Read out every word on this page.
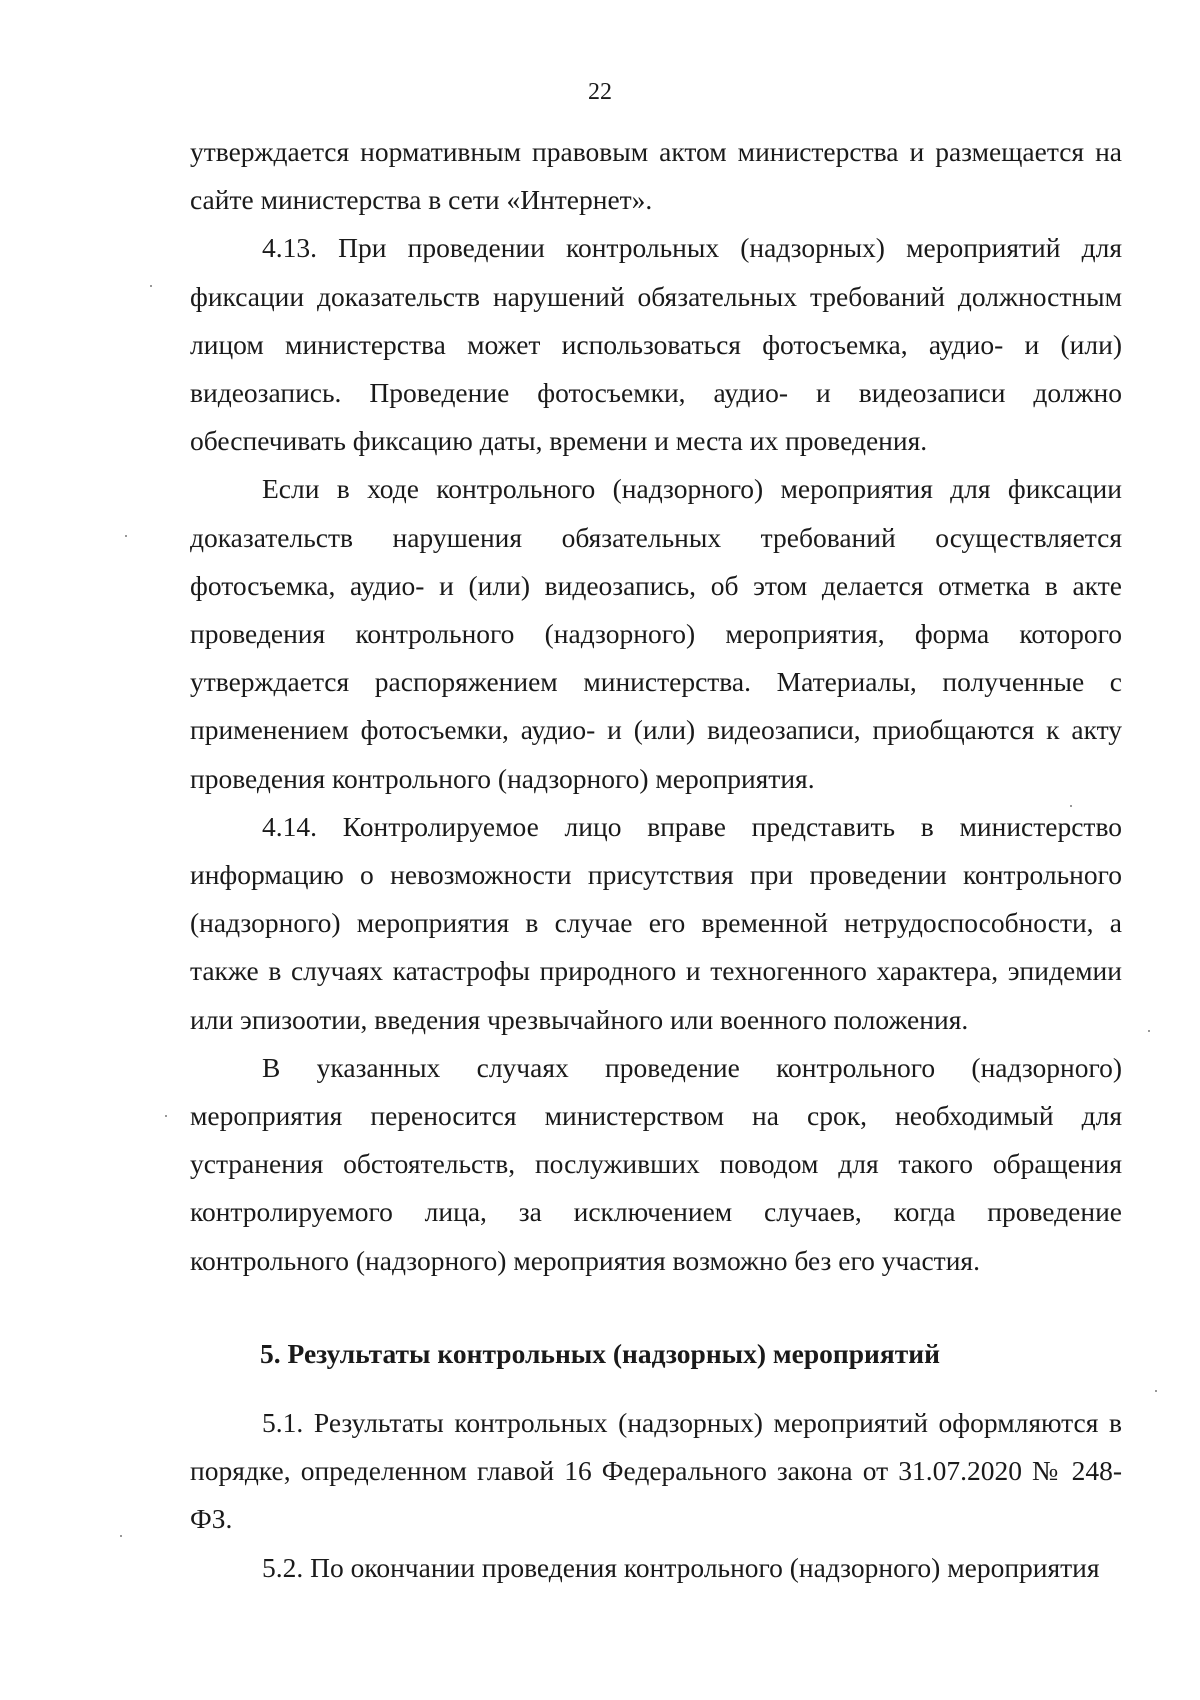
22

утверждается нормативным правовым актом министерства и размещается на сайте министерства в сети «Интернет».

4.13. При проведении контрольных (надзорных) мероприятий для фиксации доказательств нарушений обязательных требований должностным лицом министерства может использоваться фотосъемка, аудио- и (или) видеозапись. Проведение фотосъемки, аудио- и видеозаписи должно обеспечивать фиксацию даты, времени и места их проведения.

Если в ходе контрольного (надзорного) мероприятия для фиксации доказательств нарушения обязательных требований осуществляется фотосъемка, аудио- и (или) видеозапись, об этом делается отметка в акте проведения контрольного (надзорного) мероприятия, форма которого утверждается распоряжением министерства. Материалы, полученные с применением фотосъемки, аудио- и (или) видеозаписи, приобщаются к акту проведения контрольного (надзорного) мероприятия.

4.14. Контролируемое лицо вправе представить в министерство информацию о невозможности присутствия при проведении контрольного (надзорного) мероприятия в случае его временной нетрудоспособности, а также в случаях катастрофы природного и техногенного характера, эпидемии или эпизоотии, введения чрезвычайного или военного положения.

В указанных случаях проведение контрольного (надзорного) мероприятия переносится министерством на срок, необходимый для устранения обстоятельств, послуживших поводом для такого обращения контролируемого лица, за исключением случаев, когда проведение контрольного (надзорного) мероприятия возможно без его участия.

5. Результаты контрольных (надзорных) мероприятий

5.1. Результаты контрольных (надзорных) мероприятий оформляются в порядке, определенном главой 16 Федерального закона от 31.07.2020 № 248-ФЗ.

5.2. По окончании проведения контрольного (надзорного) мероприятия
